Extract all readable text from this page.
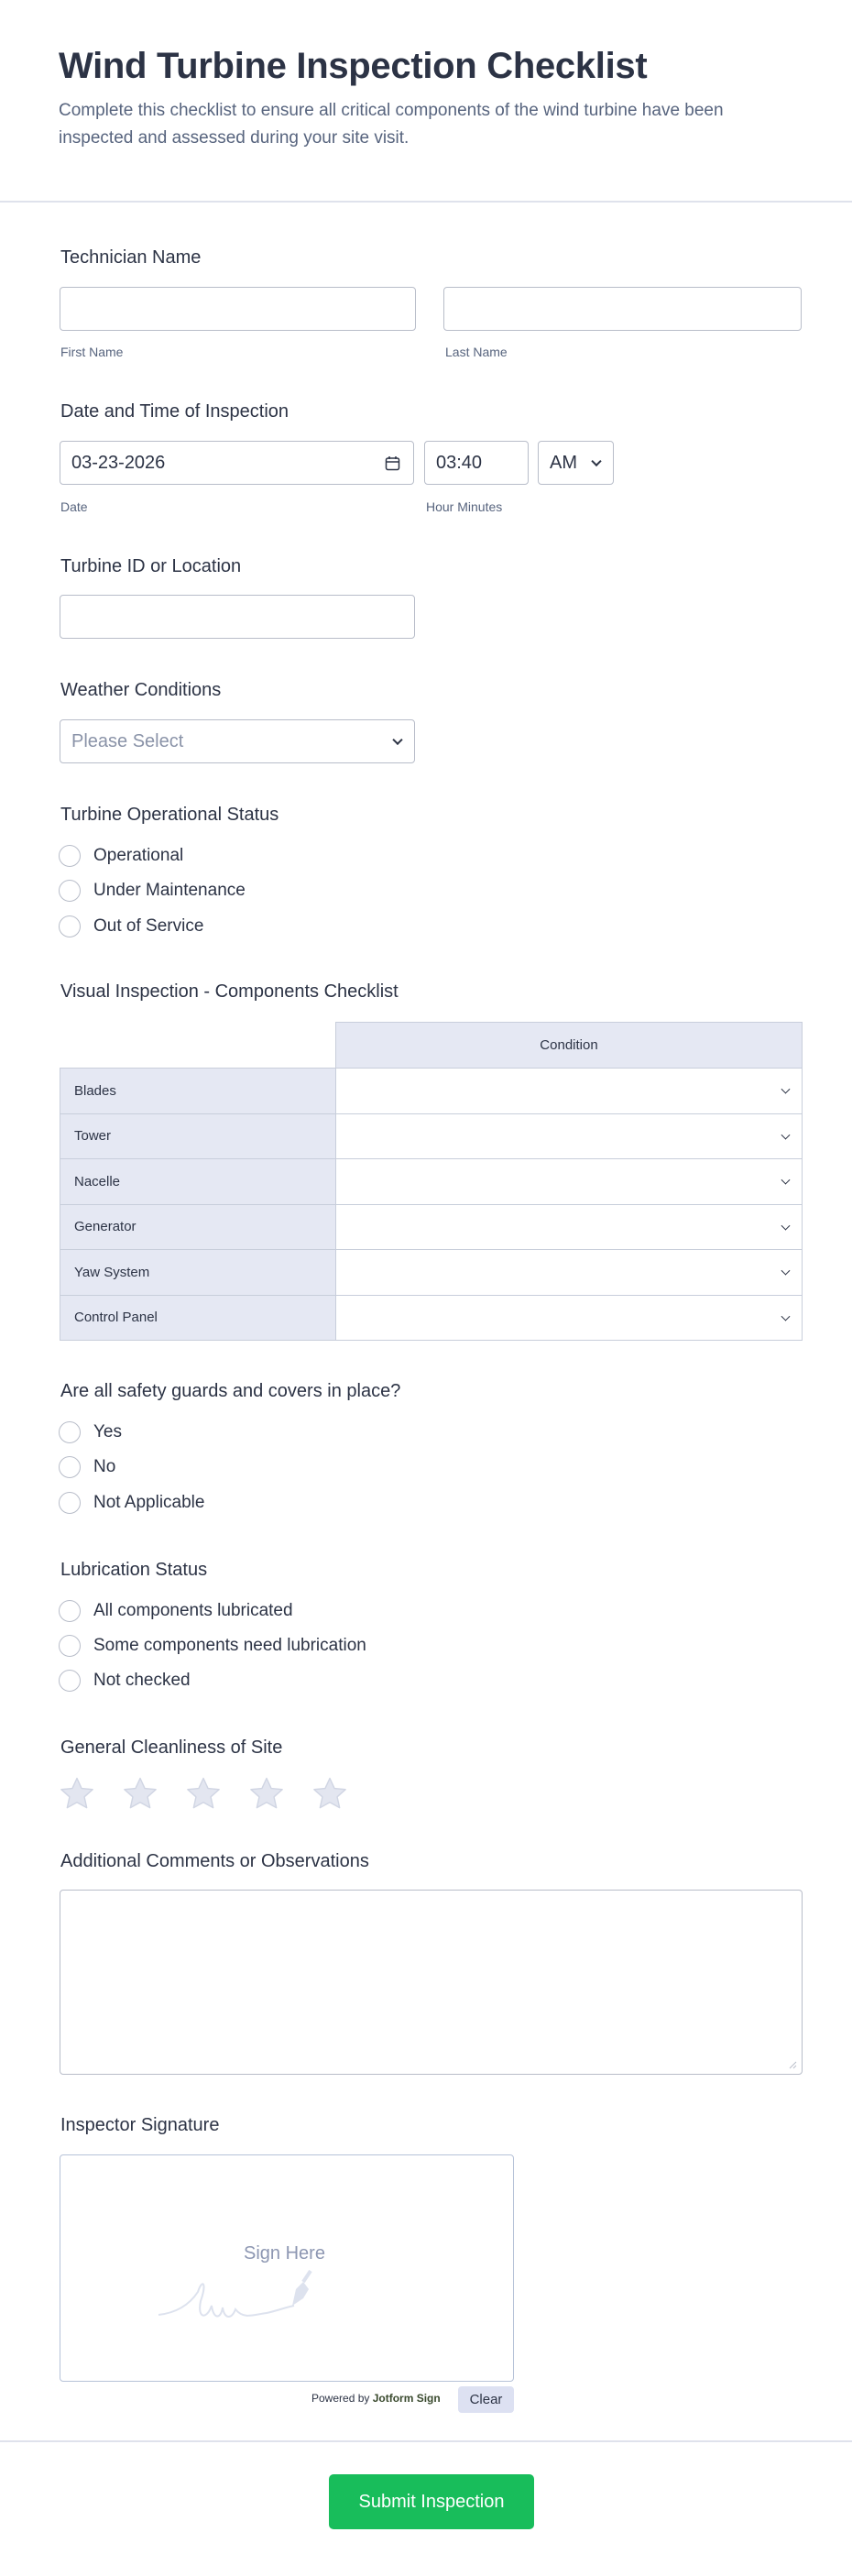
Wind Turbine Inspection Checklist
Complete this checklist to ensure all critical components of the wind turbine have been inspected and assessed during your site visit.
Technician Name
First Name	Last Name
Date and Time of Inspection
03-23-2026	03:40	AM
Date	Hour Minutes
Turbine ID or Location
Weather Conditions
Please Select
Turbine Operational Status
Operational
Under Maintenance
Out of Service
Visual Inspection - Components Checklist
	Condition
Blades	

Tower	

Nacelle	

Generator	

Yaw System	

Control Panel	
Are all safety guards and covers in place?
Yes
No
Not Applicable
Lubrication Status
All components lubricated
Some components need lubrication
Not checked
General Cleanliness of Site
Additional Comments or Observations
Inspector Signature
Sign Here
Powered by Jotform Sign	Clear
Submit Inspection
